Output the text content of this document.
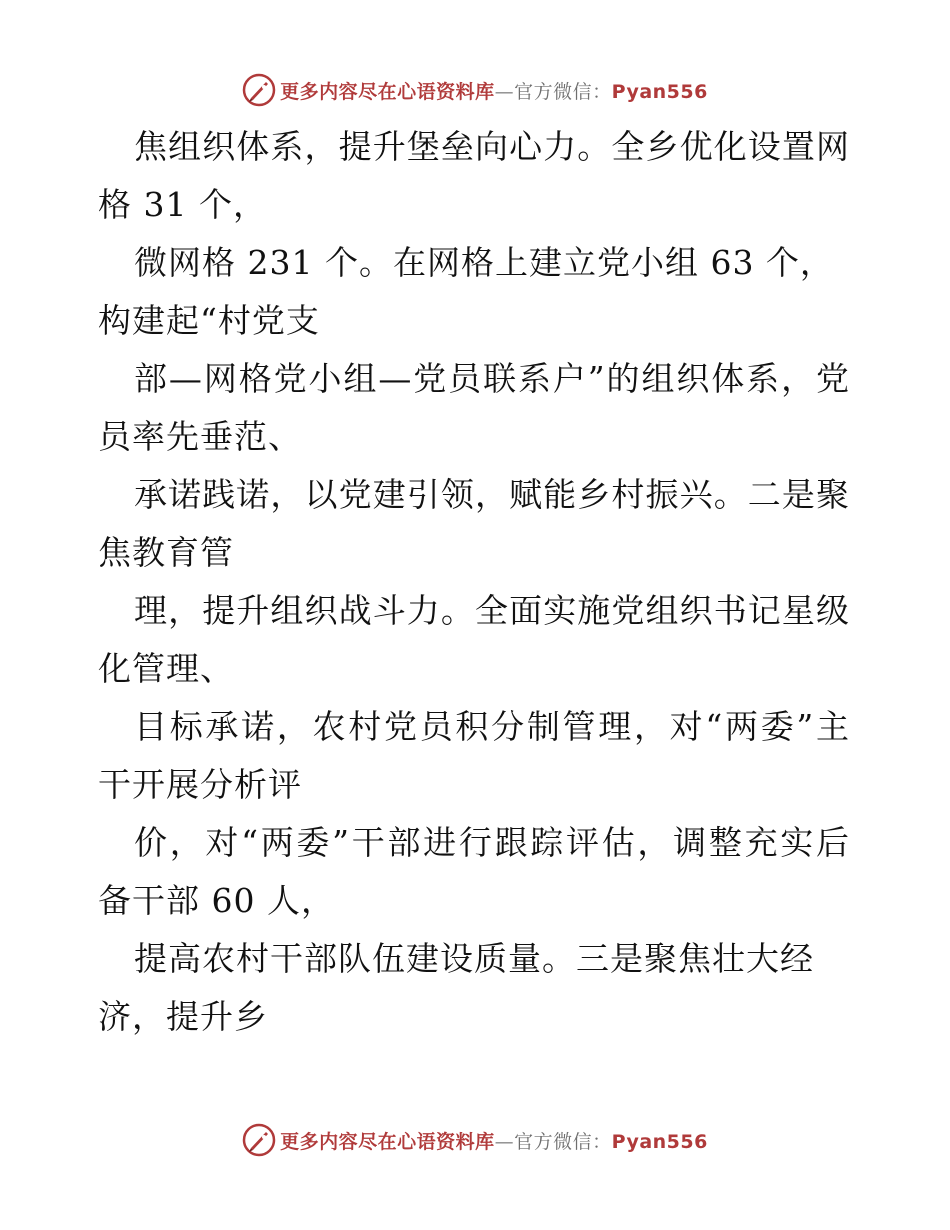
更多内容尽在心语资料库—官方微信：Pyan556
焦组织体系，提升堡垒向心力。全乡优化设置网
格 31 个，
微网格 231 个。在网格上建立党小组 63 个，
构建起“村党支
部—网格党小组—党员联系户”的组织体系，党
员率先垂范、
承诺践诺，以党建引领，赋能乡村振兴。二是聚
焦教育管
理，提升组织战斗力。全面实施党组织书记星级
化管理、
目标承诺，农村党员积分制管理，对“两委”主
干开展分析评
价，对“两委”干部进行跟踪评估，调整充实后
备干部 60 人，
提高农村干部队伍建设质量。三是聚焦壮大经
济，提升乡
更多内容尽在心语资料库—官方微信：Pyan556
